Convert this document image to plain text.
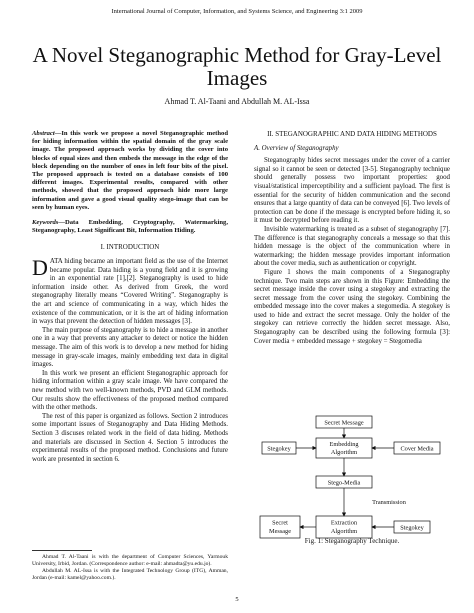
International Journal of Computer, Information, and Systems Science, and Engineering 3:1 2009
A Novel Steganographic Method for Gray-Level Images
Ahmad T. Al-Taani and Abdullah M. AL-Issa

Abstract—In this work we propose a novel Steganographic method for hiding information within the spatial domain of the gray scale image. The proposed approach works by dividing the cover into blocks of equal sizes and then embeds the message in the edge of the block depending on the number of ones in left four bits of the pixel. The proposed approach is tested on a database consists of 100 different images. Experimental results, compared with other methods, showed that the proposed approach hide more large information and gave a good visual quality stego-image that can be seen by human eyes.

Keywords—Data Embedding, Cryptography, Watermarking, Steganography, Least Significant Bit, Information Hiding.

I. INTRODUCTION

DATA hiding became an important field as the use of the Internet became popular. Data hiding is a young field and it is growing in an exponential rate [1],[2]. Steganography is used to hide information inside other. As derived from Greek, the word steganography literally means “Covered Writing”. Steganography is the art and science of communicating in a way, which hides the existence of the communication, or it is the art of hiding information in ways that prevent the detection of hidden messages [3].

The main purpose of steganography is to hide a message in another one in a way that prevents any attacker to detect or notice the hidden message. The aim of this work is to develop a new method for hiding message in gray-scale images, mainly embedding text data in digital images.

In this work we present an efficient Steganographic approach for hiding information within a gray scale image. We have compared the new method with two well-known methods, PVD and GLM methods. Our results show the effectiveness of the proposed method compared with the other methods.

The rest of this paper is organized as follows. Section 2 introduces some important issues of Steganography and Data Hiding Methods. Section 3 discuses related work in the field of data hiding. Methods and materials are discussed in Section 4. Section 5 introduces the experimental results of the proposed method. Conclusions and future work are presented in section 6.

Ahmad T. Al-Taani is with the department of Computer Sciences, Yarmouk University, Irbid, Jordan. (Correspondence author: e-mail: ahmadta@yu.edu.jo).

Abdullah M. AL-Issa is with the Integrated Technology Group (ITG), Amman, Jordan (e-mail: kamel@yahoo.com.).

II. STEGANOGRAPHIC AND DATA HIDING METHODS
A. Overview of Steganography

Steganography hides secret messages under the cover of a carrier signal so it cannot be seen or detected [3-5]. Steganography technique should generally possess two important properties: good visual/statistical imperceptibility and a sufficient payload. The first is essential for the security of hidden communication and the second ensures that a large quantity of data can be conveyed [6]. Two levels of protection can be done if the message is encrypted before hiding it, so it must be decrypted before reading it.

Invisible watermarking is treated as a subset of steganography [7]. The difference is that steganography conceals a message so that this hidden message is the object of the communication where in watermarking; the hidden message provides important information about the cover media, such as authentication or copyright.

Figure 1 shows the main components of a Steganography technique. Two main steps are shown in this Figure: Embedding the secret message inside the cover using a stegokey and extracting the secret message from the cover using the stegokey. Combining the embedded message into the cover makes a stegomedia. A stegokey is used to hide and extract the secret message. Only the holder of the stegokey can retrieve correctly the hidden secret message. Also, Steganography can be described using the following formula [3]: Cover media + embedded message + stegokey = Stegomedia

Secret Message
Stegokey
Embedding
Algorithm	Cover Media
Stego-Media
Transmission
Secret
Message
Extraction
Algorithm	Stegokey
Fig. 1: Steganography Technique.
5
